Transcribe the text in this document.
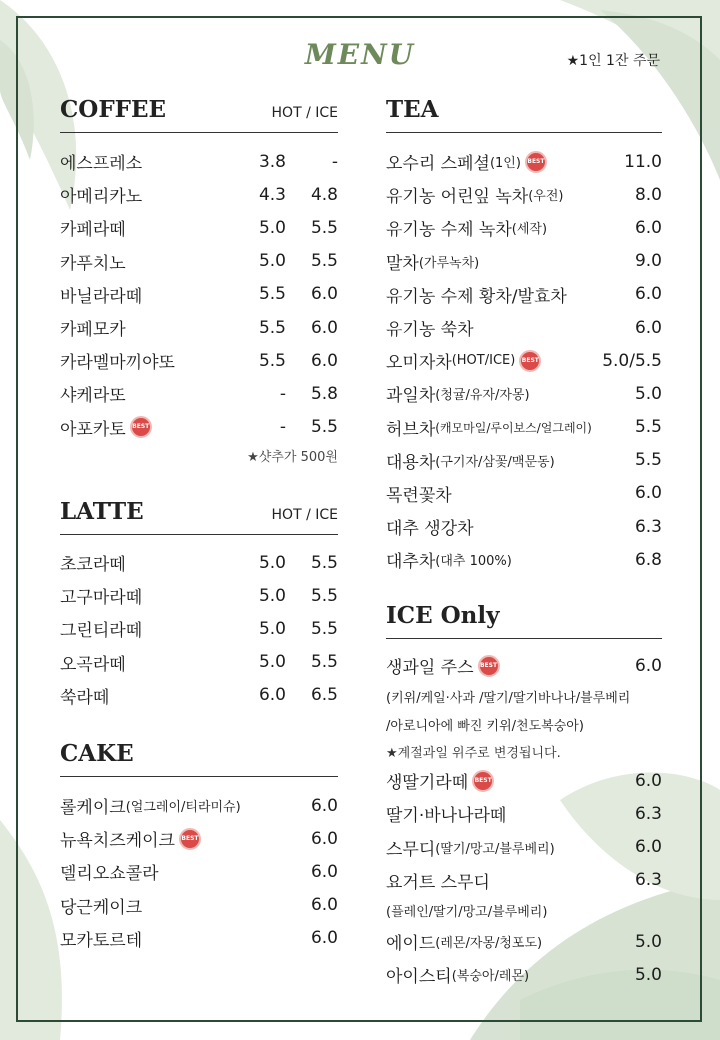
MENU	★1인 1잔 주문
COFFEE	HOT / ICE
에스프레소	3.8	-
아메리카노	4.3	4.8
카페라떼	5.0	5.5
카푸치노	5.0	5.5
바닐라라떼	5.5	6.0
카페모카	5.5	6.0
카라멜마끼야또	5.5	6.0
샤케라또	-	5.8
아포카토 BEST	-	5.5
★샷추가 500원
LATTE	HOT / ICE
초코라떼	5.0	5.5
고구마라떼	5.0	5.5
그린티라떼	5.0	5.5
오곡라떼	5.0	5.5
쑥라떼	6.0	6.5
CAKE
롤케이크 (얼그레이/티라미슈)	6.0
뉴욕치즈케이크 BEST	6.0
델리오쇼콜라	6.0
당근케이크	6.0
모카토르테	6.0
TEA
오수리 스페셜 (1인) BEST	11.0
유기농 어린잎 녹차 (우전)	8.0
유기농 수제 녹차 (세작)	6.0
말차 (가루녹차)	9.0
유기농 수제 황차/발효차	6.0
유기농 쑥차	6.0
오미자차 (HOT/ICE) BEST	5.0/5.5
과일차 (청귤/유자/자몽)	5.0
허브차 (캐모마일/루이보스/얼그레이)	5.5
대용차 (구기자/삼꽃/맥문동)	5.5
목련꽃차	6.0
대추 생강차	6.3
대추차 (대추 100%)	6.8
ICE Only
생과일 주스 BEST	6.0
(키위/케일·사과 /딸기/딸기바나나/블루베리
/아로니아에 빠진 키위/천도복숭아)
★계절과일 위주로 변경됩니다.
생딸기라떼 BEST	6.0
딸기·바나나라떼	6.3
스무디 (딸기/망고/블루베리)	6.0
요거트 스무디	6.3
(플레인/딸기/망고/블루베리)
에이드 (레몬/자몽/청포도)	5.0
아이스티 (복숭아/레몬)	5.0
